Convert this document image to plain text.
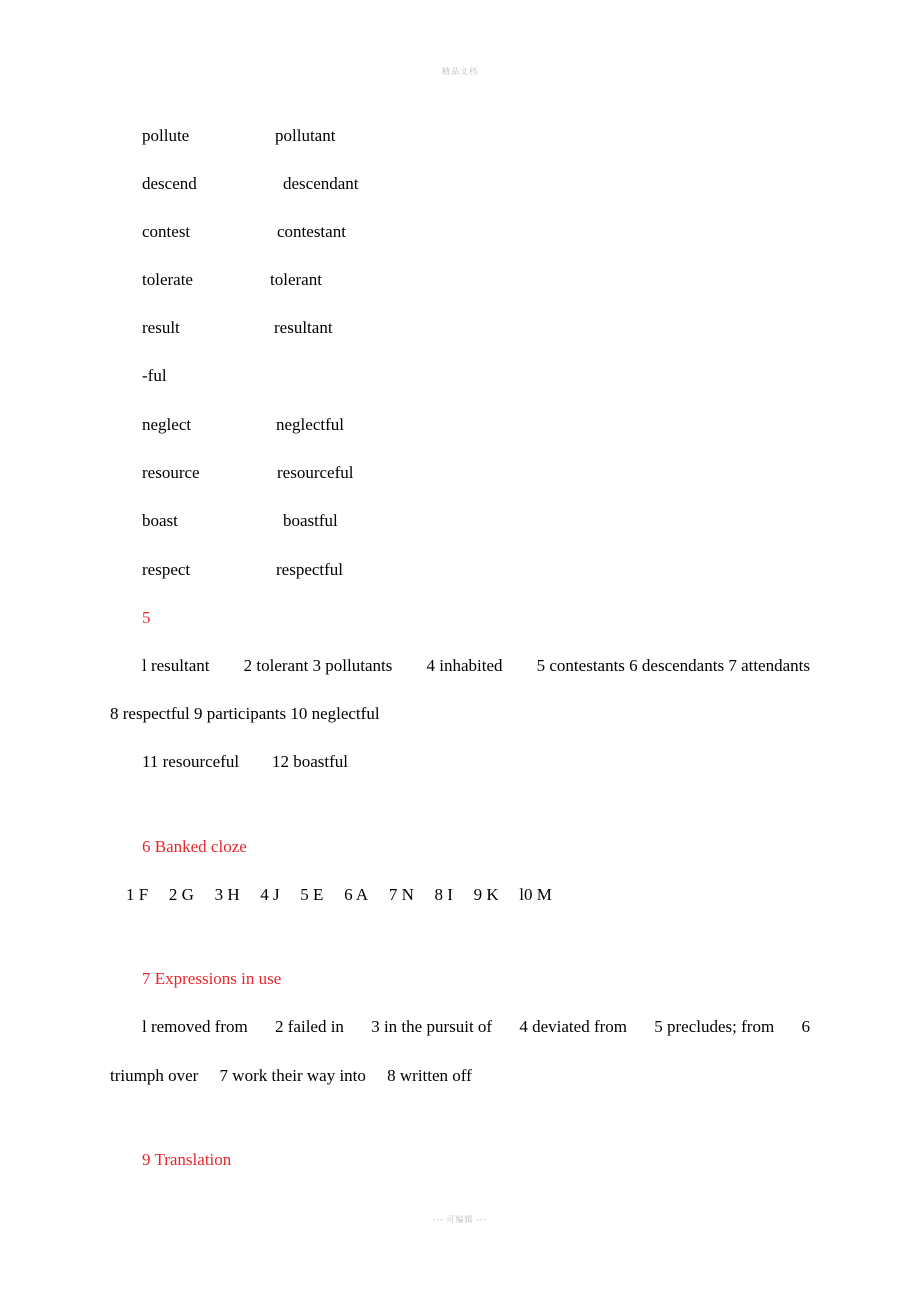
精品文档
pollute	pollutant
descend	descendant
contest	contestant
tolerate	tolerant
result	resultant
-ful
neglect	neglectful
resource	resourceful
boast	boastful
respect	respectful
5
l resultant 2 tolerant 3 pollutants 4 inhabited 5 contestants 6 descendants 7 attendants
8 respectful 9 participants 10 neglectful
11 resourceful 12 boastful
6 Banked cloze
1 F 2 G 3 H 4 J 5 E 6 A 7 N 8 I 9 K l0 M
7 Expressions in use
l removed from 2 failed in 3 in the pursuit of 4 deviated from 5 precludes; from 6
triumph over　 7 work their way into　 8 written off
9 Translation
--- 可编辑 ---
